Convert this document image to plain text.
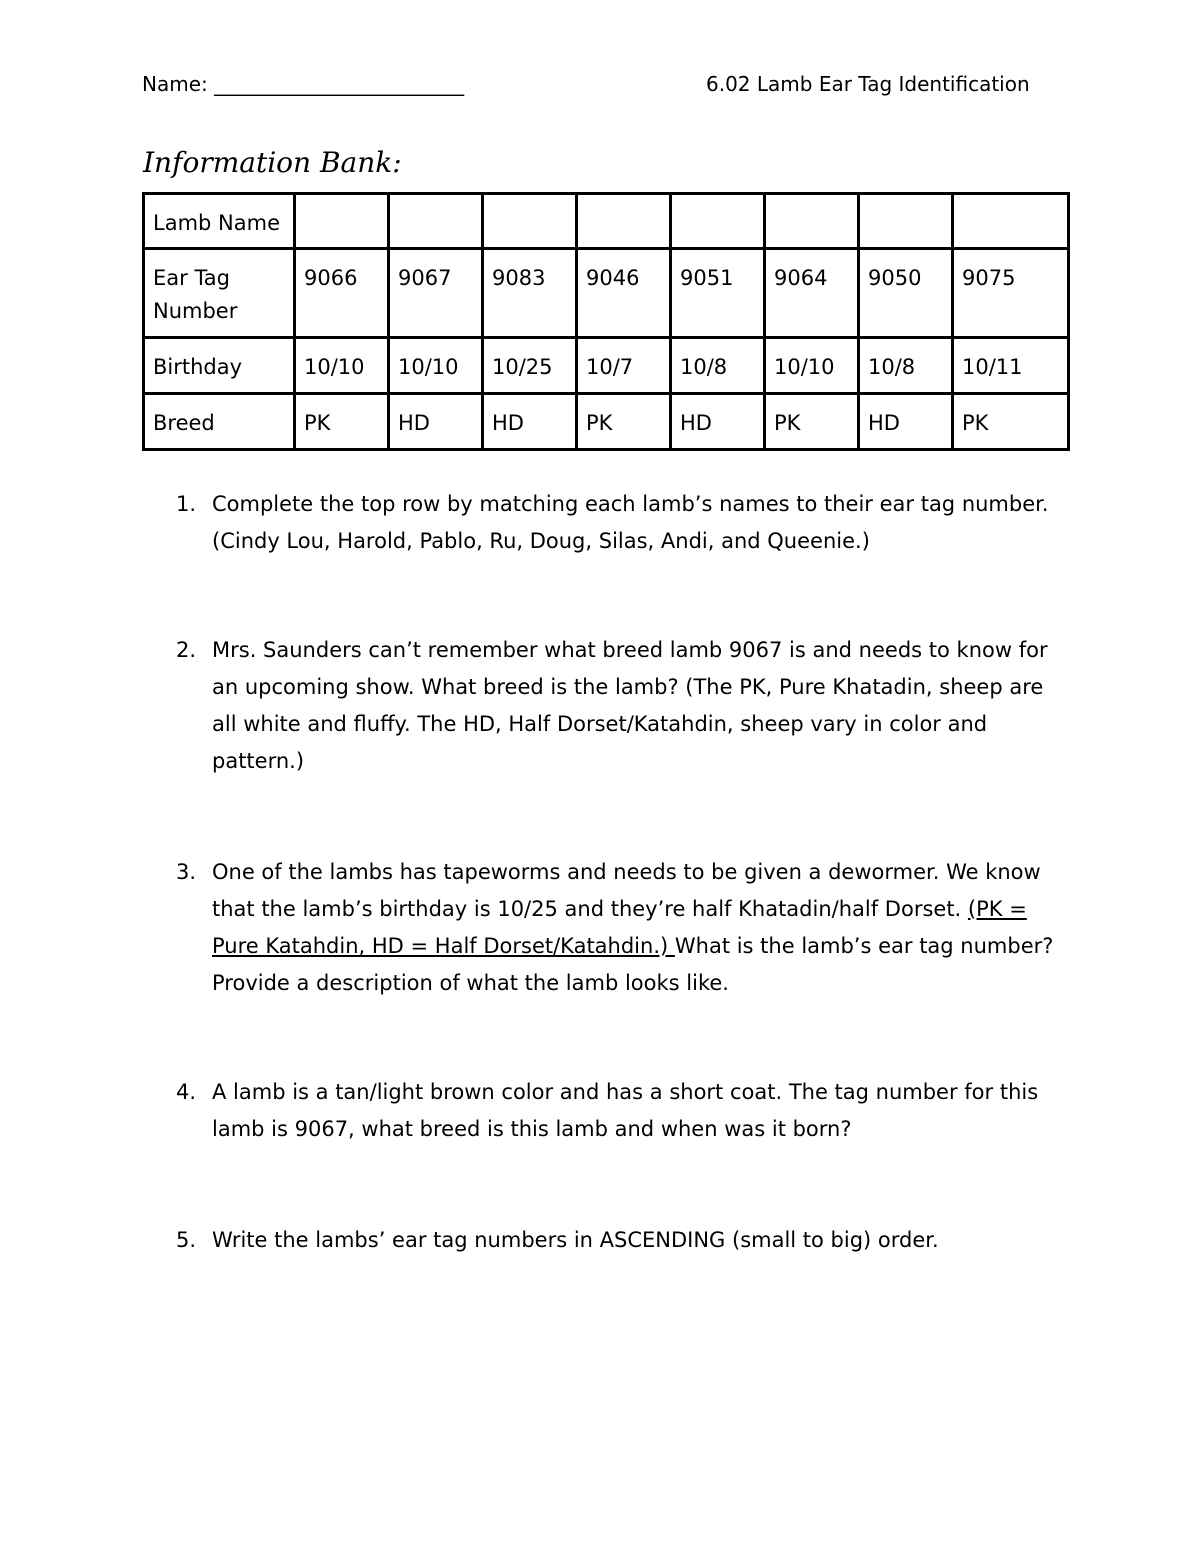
Name: _________________________	6.02 Lamb Ear Tag Identification
Information Bank:
Lamb Name								
Ear Tag Number	9066	9067	9083	9046	9051	9064	9050	9075
Birthday	10/10	10/10	10/25	10/7	10/8	10/10	10/8	10/11
Breed	PK	HD	HD	PK	HD	PK	HD	PK
1. Complete the top row by matching each lamb’s names to their ear tag number. (Cindy Lou, Harold, Pablo, Ru, Doug, Silas, Andi, and Queenie.)
2. Mrs. Saunders can’t remember what breed lamb 9067 is and needs to know for an upcoming show. What breed is the lamb? (The PK, Pure Khatadin, sheep are all white and fluffy. The HD, Half Dorset/Katahdin, sheep vary in color and pattern.)
3. One of the lambs has tapeworms and needs to be given a dewormer. We know that the lamb’s birthday is 10/25 and they’re half Khatadin/half Dorset. (PK = Pure Katahdin, HD = Half Dorset/Katahdin.) What is the lamb’s ear tag number? Provide a description of what the lamb looks like.
4. A lamb is a tan/light brown color and has a short coat. The tag number for this lamb is 9067, what breed is this lamb and when was it born?
5. Write the lambs’ ear tag numbers in ASCENDING (small to big) order.
